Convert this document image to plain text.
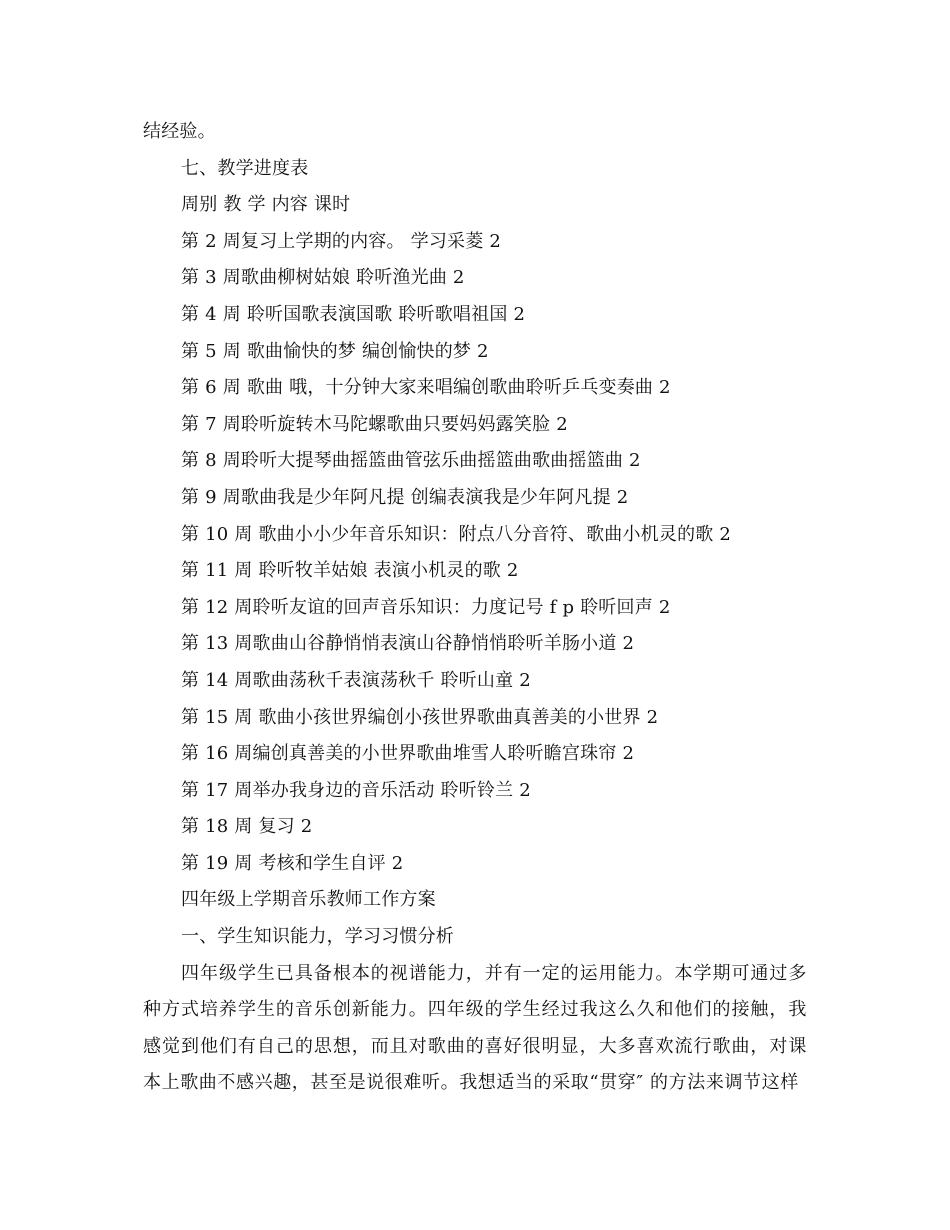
结经验。
七、教学进度表
周别 教 学 内容 课时
第 2 周复习上学期的内容。 学习采菱 2
第 3 周歌曲柳树姑娘 聆听渔光曲 2
第 4 周 聆听国歌表演国歌 聆听歌唱祖国 2
第 5 周 歌曲愉快的梦 编创愉快的梦 2
第 6 周 歌曲 哦，十分钟大家来唱编创歌曲聆听乒乓变奏曲 2
第 7 周聆听旋转木马陀螺歌曲只要妈妈露笑脸 2
第 8 周聆听大提琴曲摇篮曲管弦乐曲摇篮曲歌曲摇篮曲 2
第 9 周歌曲我是少年阿凡提 创编表演我是少年阿凡提 2
第 10 周 歌曲小小少年音乐知识：附点八分音符、歌曲小机灵的歌 2
第 11 周 聆听牧羊姑娘 表演小机灵的歌 2
第 12 周聆听友谊的回声音乐知识：力度记号 f p 聆听回声 2
第 13 周歌曲山谷静悄悄表演山谷静悄悄聆听羊肠小道 2
第 14 周歌曲荡秋千表演荡秋千 聆听山童 2
第 15 周 歌曲小孩世界编创小孩世界歌曲真善美的小世界 2
第 16 周编创真善美的小世界歌曲堆雪人聆听瞻宫珠帘 2
第 17 周举办我身边的音乐活动 聆听铃兰 2
第 18 周 复习 2
第 19 周 考核和学生自评 2
四年级上学期音乐教师工作方案
一、学生知识能力，学习习惯分析

四年级学生已具备根本的视谱能力，并有一定的运用能力。本学期可通过多种方式培养学生的音乐创新能力。四年级的学生经过我这么久和他们的接触，我感觉到他们有自己的思想，而且对歌曲的喜好很明显，大多喜欢流行歌曲，对课本上歌曲不感兴趣，甚至是说很难听。我想适当的采取“贯穿″ 的方法来调节这样
